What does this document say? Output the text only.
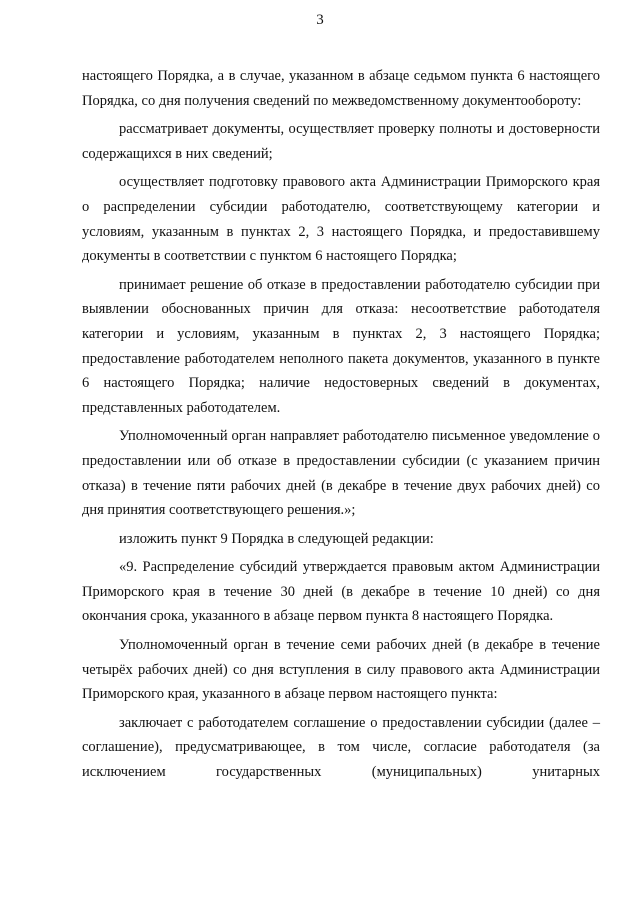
3

настоящего Порядка, а в случае, указанном в абзаце седьмом пункта 6 настоящего Порядка, со дня получения сведений по межведомственному документообороту:

рассматривает документы, осуществляет проверку полноты и достоверности содержащихся в них сведений;

осуществляет подготовку правового акта Администрации Приморского края о распределении субсидии работодателю, соответствующему категории и условиям, указанным в пунктах 2, 3 настоящего Порядка, и предоставившему документы в соответствии с пунктом 6 настоящего Порядка;

принимает решение об отказе в предоставлении работодателю субсидии при выявлении обоснованных причин для отказа: несоответствие работодателя категории и условиям, указанным в пунктах 2, 3 настоящего Порядка; предоставление работодателем неполного пакета документов, указанного в пункте 6 настоящего Порядка; наличие недостоверных сведений в документах, представленных работодателем.

Уполномоченный орган направляет работодателю письменное уведомление о предоставлении или об отказе в предоставлении субсидии (с указанием причин отказа) в течение пяти рабочих дней (в декабре в течение двух рабочих дней) со дня принятия соответствующего решения.»;

изложить пункт 9 Порядка в следующей редакции:

«9. Распределение субсидий утверждается правовым актом Администрации Приморского края в течение 30 дней (в декабре в течение 10 дней) со дня окончания срока, указанного в абзаце первом пункта 8 настоящего Порядка.

Уполномоченный орган в течение семи рабочих дней (в декабре в течение четырёх рабочих дней) со дня вступления в силу правового акта Администрации Приморского края, указанного в абзаце первом настоящего пункта:

заключает с работодателем соглашение о предоставлении субсидии (далее – соглашение), предусматривающее, в том числе, согласие работодателя (за исключением государственных (муниципальных) унитарных
